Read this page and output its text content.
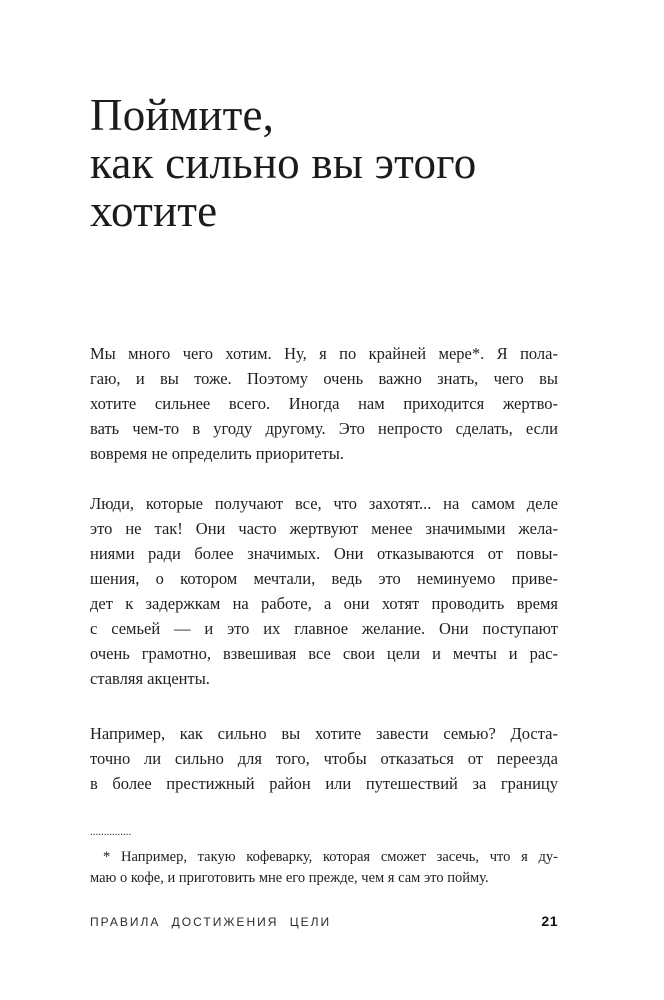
Поймите,
как сильно вы этого
хотите
Мы много чего хотим. Ну, я по крайней мере*. Я пола-
гаю, и вы тоже. Поэтому очень важно знать, чего вы
хотите сильнее всего. Иногда нам приходится жертво-
вать чем-то в угоду другому. Это непросто сделать, если
вовремя не определить приоритеты.
Люди, которые получают все, что захотят... на самом деле
это не так! Они часто жертвуют менее значимыми жела-
ниями ради более значимых. Они отказываются от повы-
шения, о котором мечтали, ведь это неминуемо приве-
дет к задержкам на работе, а они хотят проводить время
с семьей — и это их главное желание. Они поступают
очень грамотно, взвешивая все свои цели и мечты и рас-
ставляя акценты.
Например, как сильно вы хотите завести семью? Доста-
точно ли сильно для того, чтобы отказаться от переезда
в более престижный район или путешествий за границу
...............
* Например, такую кофеварку, которая сможет засечь, что я ду-
маю о кофе, и приготовить мне его прежде, чем я сам это пойму.
ПРАВИЛА ДОСТИЖЕНИЯ ЦЕЛИ	21
